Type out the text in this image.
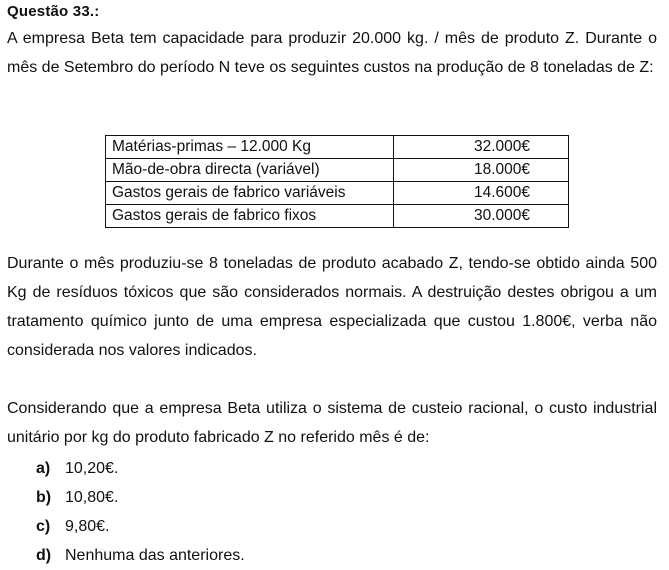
Questão 33.:

A empresa Beta tem capacidade para produzir 20.000 kg. / mês de produto Z. Durante o mês de Setembro do período N teve os seguintes custos na produção de 8 toneladas de Z:

Matérias-primas – 12.000 Kg	32.000€
Mão-de-obra directa (variável)	18.000€
Gastos gerais de fabrico variáveis	14.600€
Gastos gerais de fabrico fixos	30.000€

Durante o mês produziu-se 8 toneladas de produto acabado Z, tendo-se obtido ainda 500 Kg de resíduos tóxicos que são considerados normais. A destruição destes obrigou a um tratamento químico junto de uma empresa especializada que custou 1.800€, verba não considerada nos valores indicados.

Considerando que a empresa Beta utiliza o sistema de custeio racional, o custo industrial unitário por kg do produto fabricado Z no referido mês é de:

a) 10,20€.
b) 10,80€.
c) 9,80€.
d) Nenhuma das anteriores.
